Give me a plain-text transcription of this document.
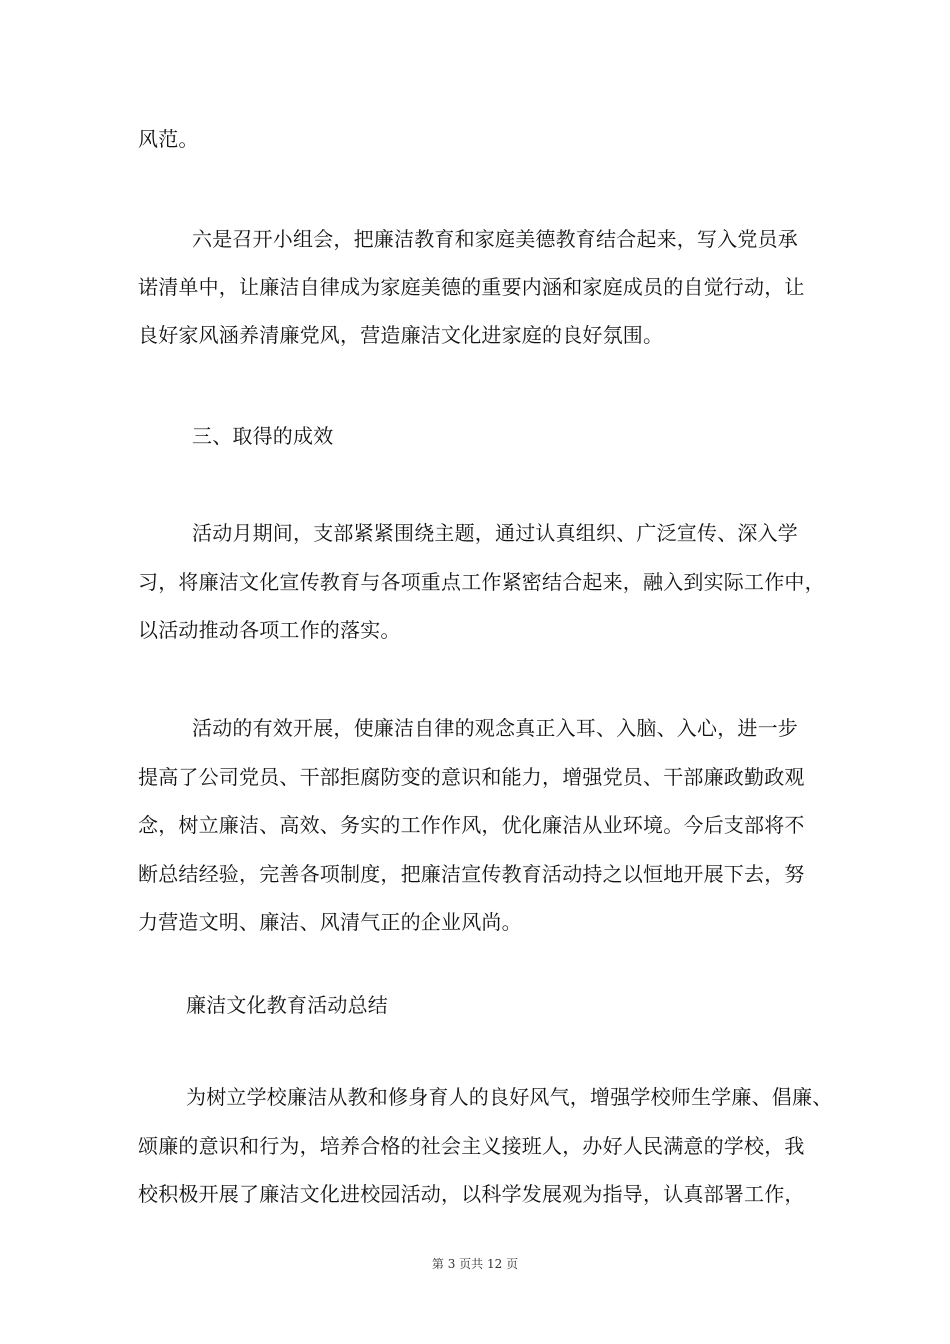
风范。
六是召开小组会，把廉洁教育和家庭美德教育结合起来，写入党员承
诺清单中，让廉洁自律成为家庭美德的重要内涵和家庭成员的自觉行动，让
良好家风涵养清廉党风，营造廉洁文化进家庭的良好氛围。
三、取得的成效
活动月期间，支部紧紧围绕主题，通过认真组织、广泛宣传、深入学
习，将廉洁文化宣传教育与各项重点工作紧密结合起来，融入到实际工作中，
以活动推动各项工作的落实。
活动的有效开展，使廉洁自律的观念真正入耳、入脑、入心，进一步
提高了公司党员、干部拒腐防变的意识和能力，增强党员、干部廉政勤政观
念，树立廉洁、高效、务实的工作作风，优化廉洁从业环境。今后支部将不
断总结经验，完善各项制度，把廉洁宣传教育活动持之以恒地开展下去，努
力营造文明、廉洁、风清气正的企业风尚。
廉洁文化教育活动总结
为树立学校廉洁从教和修身育人的良好风气，增强学校师生学廉、倡廉、
颂廉的意识和行为，培养合格的社会主义接班人，办好人民满意的学校，我
校积极开展了廉洁文化进校园活动，以科学发展观为指导，认真部署工作，
第 3 页共 12 页
